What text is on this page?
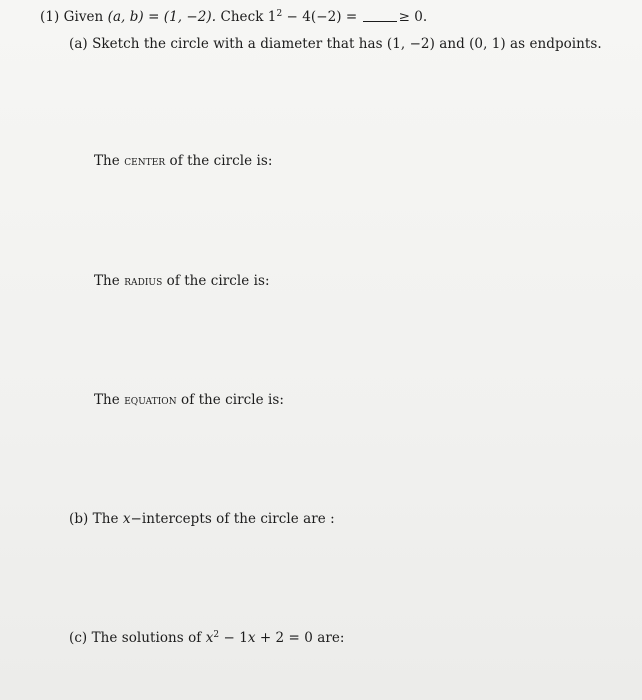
(1) Given (a, b) = (1, −2). Check $1^2 - 4(-2)$ =	≥ 0.
(a) Sketch the circle with a diameter that has (1, −2) and (0, 1) as endpoints.
The center of the circle is:
The radius of the circle is:
The equation of the circle is:
(b) The x−intercepts of the circle are :
(c) The solutions of $x^2 - 1x + 2 = 0$ are:
